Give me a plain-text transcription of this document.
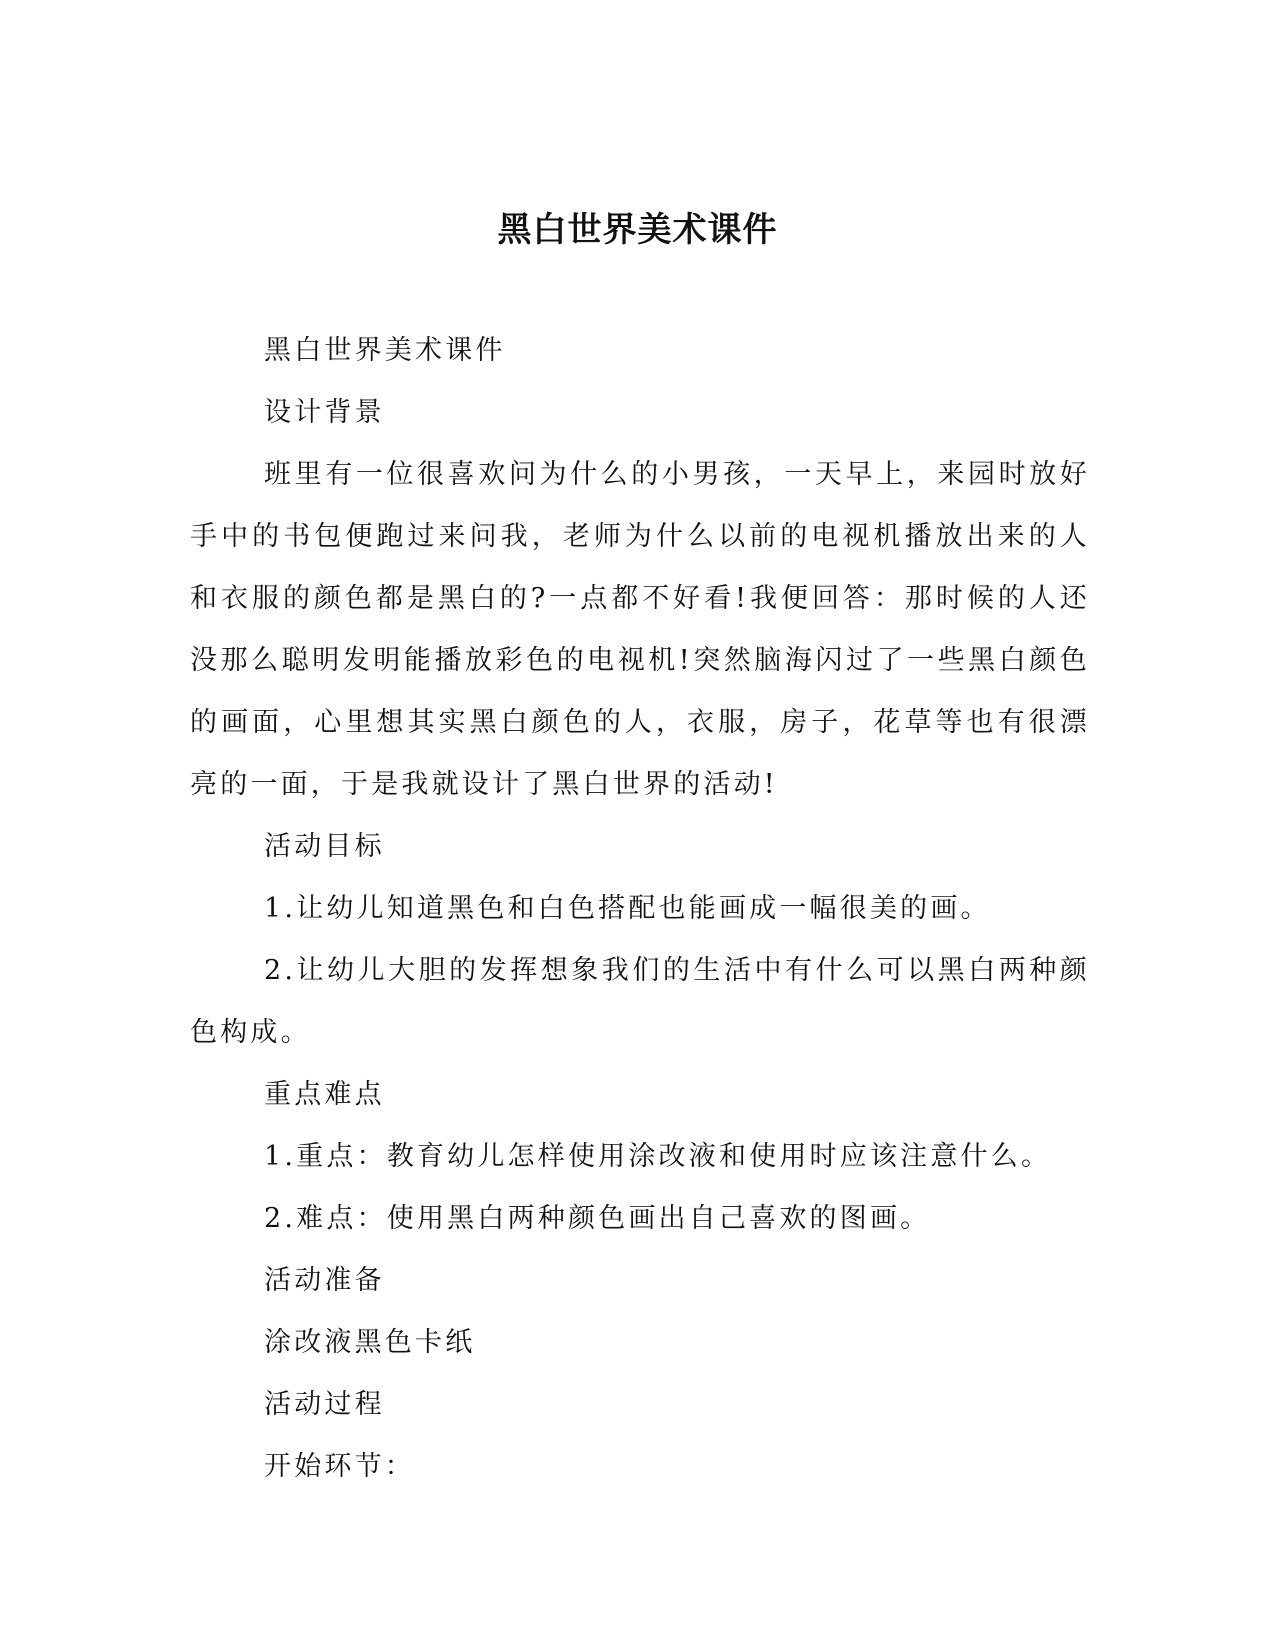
黑白世界美术课件

黑白世界美术课件

设计背景

班里有一位很喜欢问为什么的小男孩，一天早上，来园时放好手中的书包便跑过来问我，老师为什么以前的电视机播放出来的人和衣服的颜色都是黑白的?一点都不好看!我便回答：那时候的人还没那么聪明发明能播放彩色的电视机!突然脑海闪过了一些黑白颜色的画面，心里想其实黑白颜色的人，衣服，房子，花草等也有很漂亮的一面，于是我就设计了黑白世界的活动!

活动目标

1.让幼儿知道黑色和白色搭配也能画成一幅很美的画。

2.让幼儿大胆的发挥想象我们的生活中有什么可以黑白两种颜色构成。

重点难点

1.重点：教育幼儿怎样使用涂改液和使用时应该注意什么。

2.难点：使用黑白两种颜色画出自己喜欢的图画。

活动准备

涂改液黑色卡纸

活动过程

开始环节：
